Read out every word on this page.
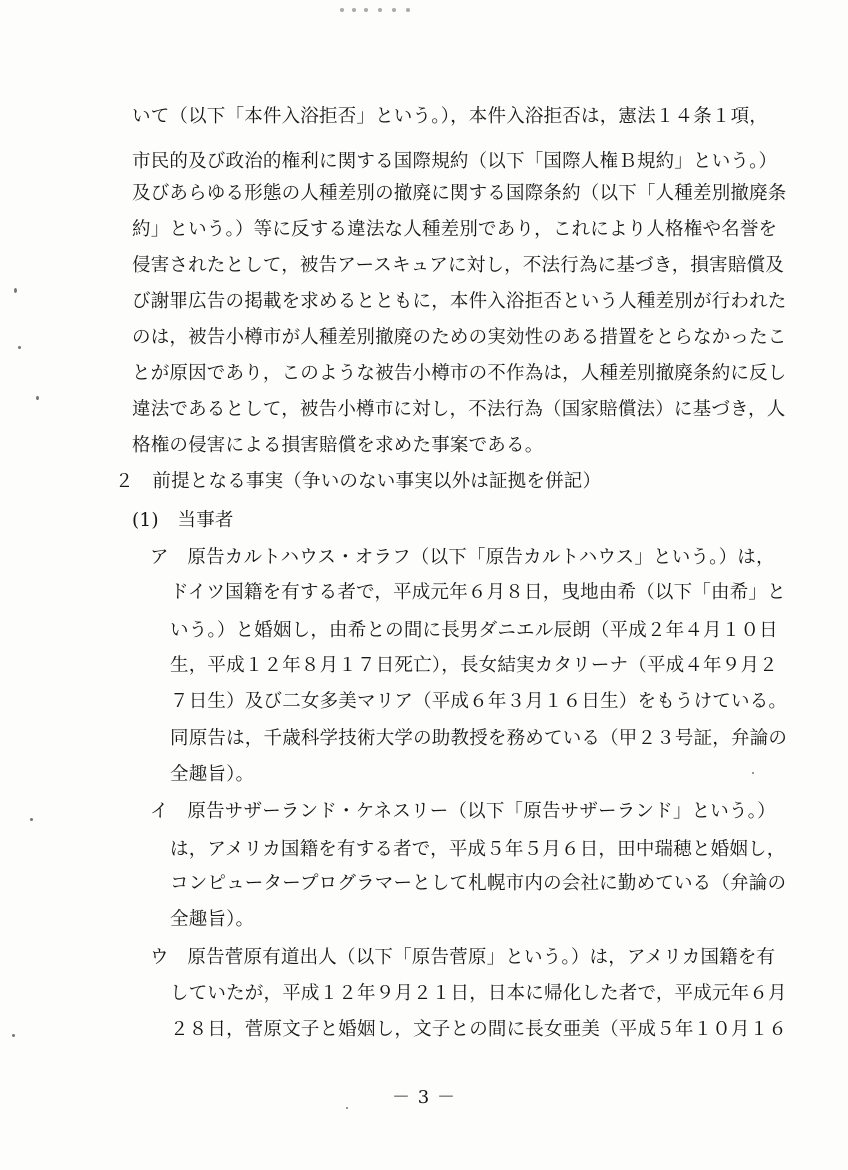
いて（以下「本件入浴拒否」という。），本件入浴拒否は，憲法１４条１項，
市民的及び政治的権利に関する国際規約（以下「国際人権Ｂ規約」という。）
及びあらゆる形態の人種差別の撤廃に関する国際条約（以下「人種差別撤廃条
約」という。）等に反する違法な人種差別であり，これにより人格権や名誉を
侵害されたとして，被告アースキュアに対し，不法行為に基づき，損害賠償及
び謝罪広告の掲載を求めるとともに，本件入浴拒否という人種差別が行われた
のは，被告小樽市が人種差別撤廃のための実効性のある措置をとらなかったこ
とが原因であり，このような被告小樽市の不作為は，人種差別撤廃条約に反し
違法であるとして，被告小樽市に対し，不法行為（国家賠償法）に基づき，人
格権の侵害による損害賠償を求めた事案である。
２　前提となる事実（争いのない事実以外は証拠を併記）
(1)　当事者
ア　原告カルトハウス・オラフ（以下「原告カルトハウス」という。）は，
ドイツ国籍を有する者で，平成元年６月８日，曳地由希（以下「由希」と
いう。）と婚姻し，由希との間に長男ダニエル辰朗（平成２年４月１０日
生，平成１２年８月１７日死亡），長女結実カタリーナ（平成４年９月２
７日生）及び二女多美マリア（平成６年３月１６日生）をもうけている。
同原告は，千歳科学技術大学の助教授を務めている（甲２３号証，弁論の
全趣旨）。
イ　原告サザーランド・ケネスリー（以下「原告サザーランド」という。）
は，アメリカ国籍を有する者で，平成５年５月６日，田中瑞穂と婚姻し，
コンピュータープログラマーとして札幌市内の会社に勤めている（弁論の
全趣旨）。
ウ　原告菅原有道出人（以下「原告菅原」という。）は，アメリカ国籍を有
していたが，平成１２年９月２１日，日本に帰化した者で，平成元年６月
２８日，菅原文子と婚姻し，文子との間に長女亜美（平成５年１０月１６
－ 3 －
